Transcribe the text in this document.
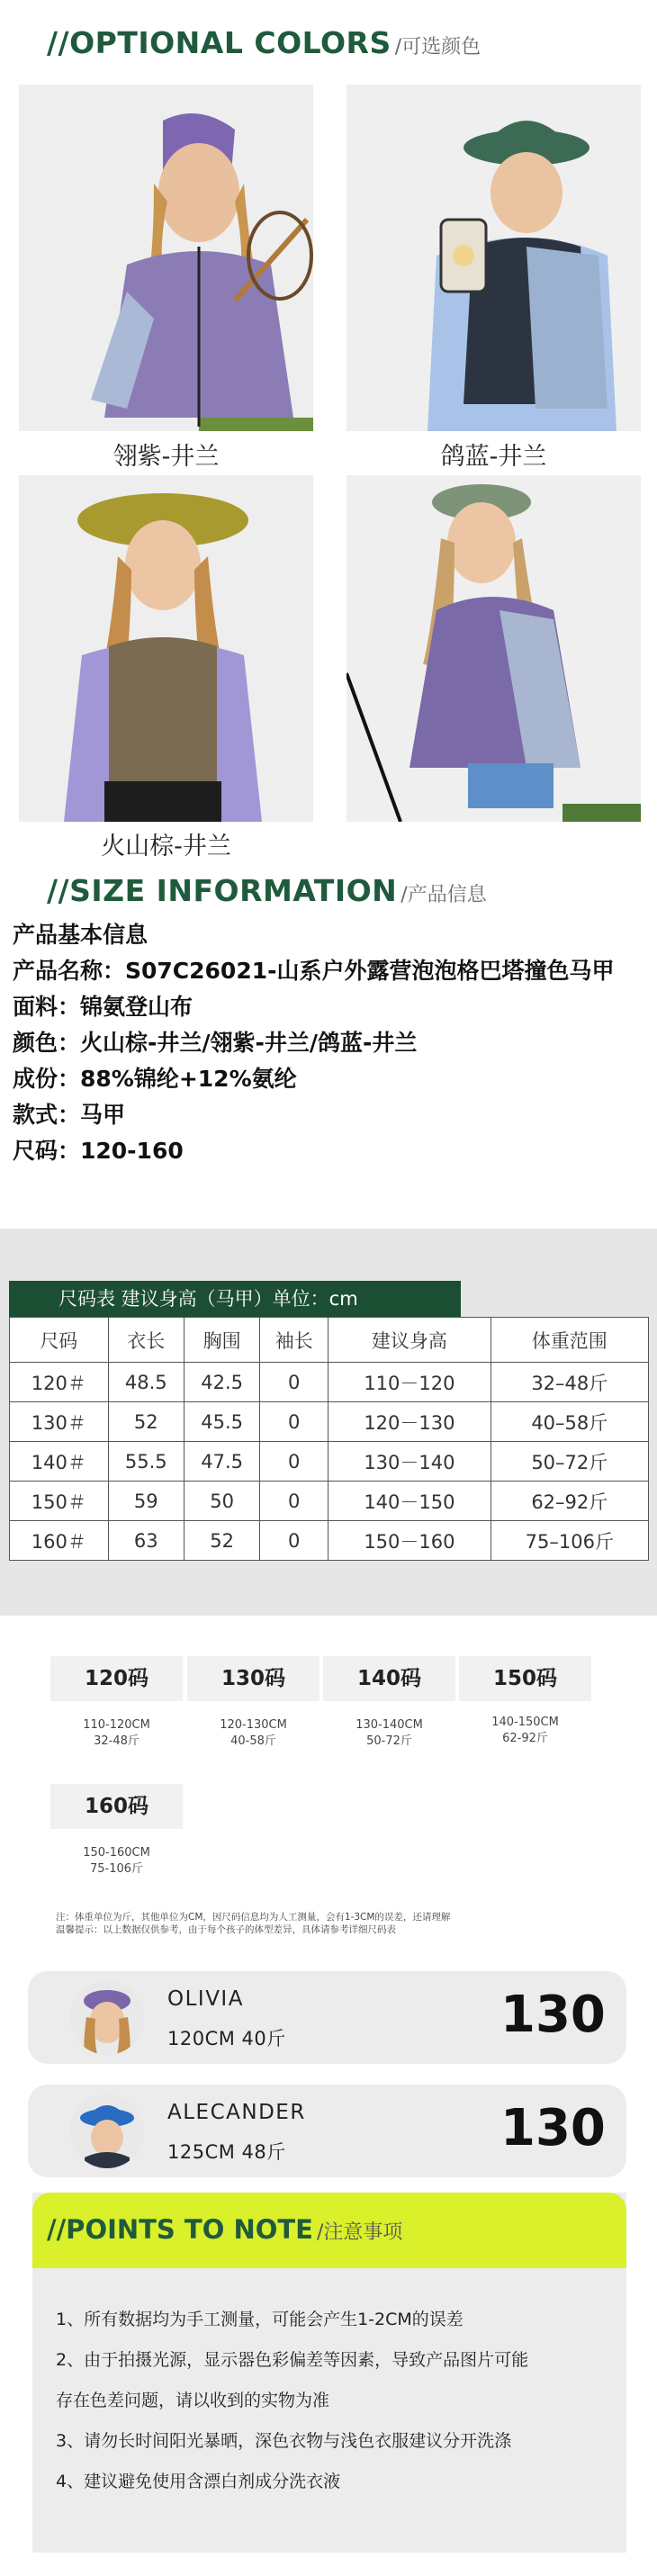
//OPTIONAL COLORS /可选颜色
翎紫-井兰	鸽蓝-井兰
火山棕-井兰
//SIZE INFORMATION /产品信息
产品基本信息
产品名称：S07C26021-山系户外露营泡泡格巴塔撞色马甲
面料：锦氨登山布
颜色：火山棕-井兰/翎紫-井兰/鸽蓝-井兰
成份：88%锦纶+12%氨纶
款式：马甲
尺码：120-160
尺码表 建议身高（马甲）单位：cm
尺码	衣长	胸围	袖长	建议身高	体重范围
120＃	48.5	42.5	0	110－120	32–48斤
130＃	52	45.5	0	120－130	40–58斤
140＃	55.5	47.5	0	130－140	50–72斤
150＃	59	50	0	140－150	62–92斤
160＃	63	52	0	150－160	75–106斤
120码
110-120CM
32-48斤
130码
120-130CM
40-58斤
140码
130-140CM
50-72斤
150码
140-150CM
62-92斤
160码
150-160CM
75-106斤
注：体重单位为斤，其他单位为CM，因尺码信息均为人工测量，会有1-3CM的误差，还请理解
温馨提示：以上数据仅供参考，由于每个孩子的体型差异，具体请参考详细尺码表
OLIVIA
120CM 40斤	130
ALECANDER
125CM 48斤	130
//POINTS TO NOTE /注意事项
1、所有数据均为手工测量，可能会产生1-2CM的误差
2、由于拍摄光源，显示器色彩偏差等因素，导致产品图片可能
存在色差问题，请以收到的实物为准
3、请勿长时间阳光暴晒，深色衣物与浅色衣服建议分开洗涤
4、建议避免使用含漂白剂成分洗衣液
